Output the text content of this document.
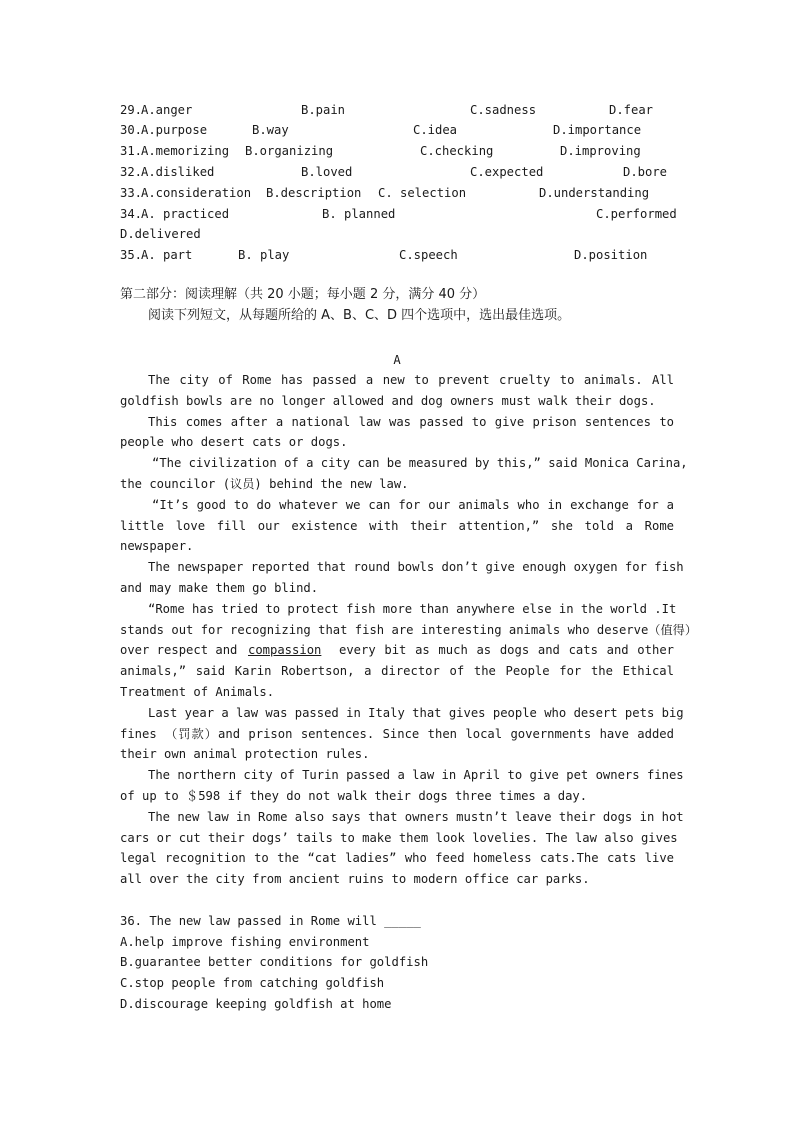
29.
A.anger	B.pain	C.sadness	D.fear
30.
A.purpose	B.way	C.idea	D.importance
31.
A.memorizing B.organizing	C.checking	D.improving
32.
A.disliked	B.loved	C.expected	D.bore
33.
A.consideration B.description C. selection	D.understanding
34.
A. practiced	B. planned	C.performed
D.delivered
35.
A. part	B. play	C.speech	D.position
第二部分：阅读理解（共 20 小题；每小题 2 分，满分 40 分）
阅读下列短文，从每题所给的 A、B、C、D 四个选项中，选出最佳选项。
A
The city of Rome has passed a new to prevent cruelty to animals. All
goldfish bowls are no longer allowed and dog owners must walk their dogs.
This comes after a national law was passed to give prison sentences to
people who desert cats or dogs.
“The civilization of a city can be measured by this,” said Monica Carina,
the councilor (议员) behind the new law.
“It’s good to do whatever we can for our animals who in exchange for a
little love fill our existence with their attention,” she told a Rome
newspaper.
The newspaper reported that round bowls don’t give enough oxygen for fish
and may make them go blind.
“Rome has tried to protect fish more than anywhere else in the world .It
stands out for recognizing that fish are interesting animals who deserve（值得）
over respect and compassion every bit as much as dogs and cats and other
animals,” said Karin Robertson, a director of the People for the Ethical
Treatment of Animals.
Last year a law was passed in Italy that gives people who desert pets big
fines （罚款）and prison sentences. Since then local governments have added
their own animal protection rules.
The northern city of Turin passed a law in April to give pet owners fines
of up to ＄598 if they do not walk their dogs three times a day.
The new law in Rome also says that owners mustn’t leave their dogs in hot
cars or cut their dogs’ tails to make them look lovelies. The law also gives
legal recognition to the “cat ladies” who feed homeless cats.The cats live
all over the city from ancient ruins to modern office car parks.
36. The new law passed in Rome will _____
A.help improve fishing environment
B.guarantee better conditions for goldfish
C.stop people from catching goldfish
D.discourage keeping goldfish at home
